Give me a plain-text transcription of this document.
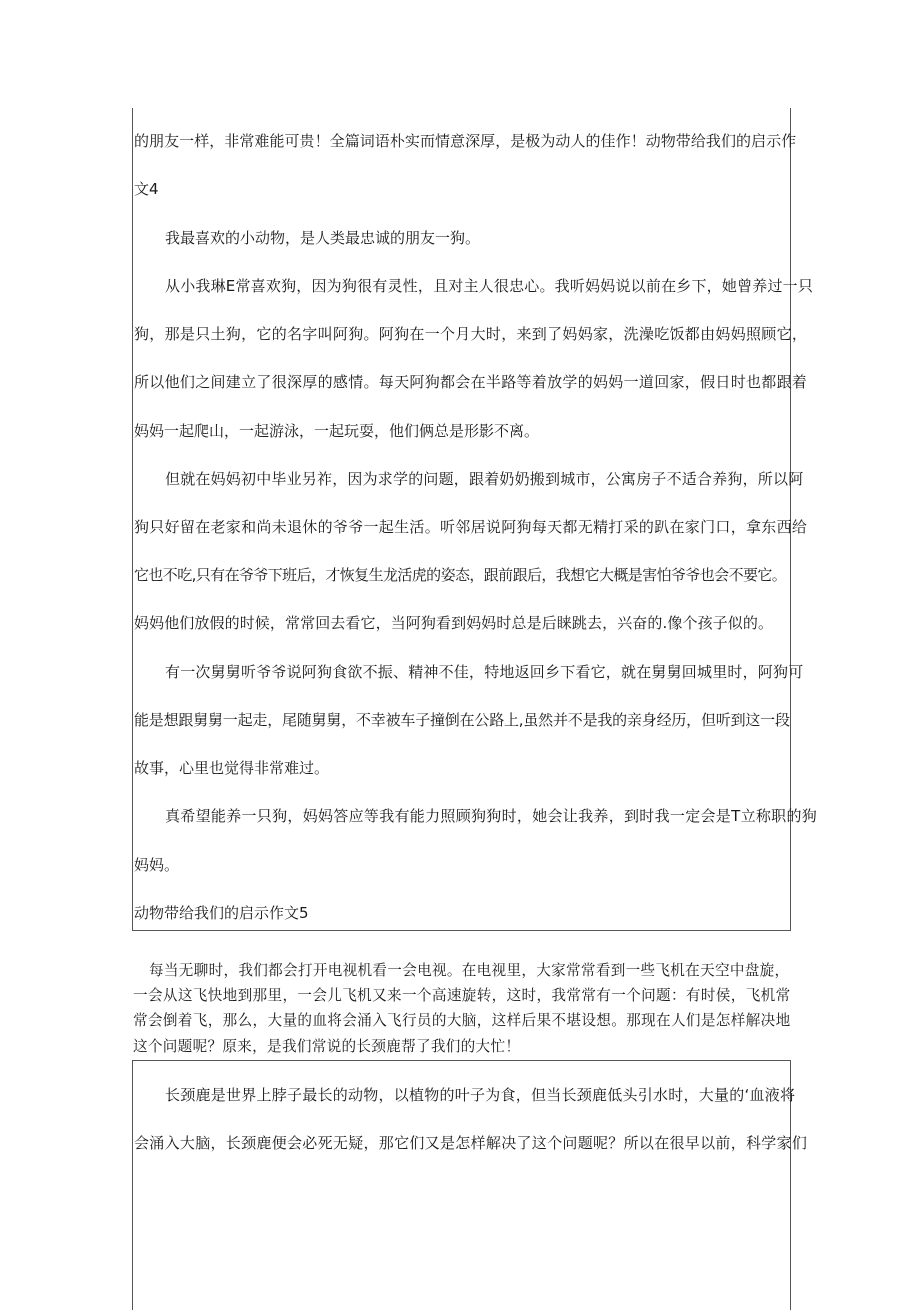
的朋友一样，非常难能可贵！全篇词语朴实而情意深厚，是极为动人的佳作！动物带给我们的启示作
文4
我最喜欢的小动物，是人类最忠诚的朋友一狗。
从小我琳E常喜欢狗，因为狗很有灵性，且对主人很忠心。我听妈妈说以前在乡下，她曾养过一只
狗，那是只土狗，它的名字叫阿狗。阿狗在一个月大时，来到了妈妈家，洗澡吃饭都由妈妈照顾它，
所以他们之间建立了很深厚的感情。每天阿狗都会在半路等着放学的妈妈一道回家，假日时也都跟着
妈妈一起爬山，一起游泳，一起玩耍，他们俩总是形影不离。
但就在妈妈初中毕业另祚，因为求学的问题，跟着奶奶搬到城市，公寓房子不适合养狗，所以阿
狗只好留在老家和尚未退休的爷爷一起生活。听邻居说阿狗每天都无精打采的趴在家门口，拿东西给
它也不吃,只有在爷爷下班后，才恢复生龙活虎的姿态，跟前跟后，我想它大概是害怕爷爷也会不要它。
妈妈他们放假的时候，常常回去看它，当阿狗看到妈妈时总是后睐跳去，兴奋的.像个孩子似的。
有一次舅舅听爷爷说阿狗食欲不振、精神不佳，特地返回乡下看它，就在舅舅回城里时，阿狗可
能是想跟舅舅一起走，尾随舅舅，不幸被车子撞倒在公路上,虽然并不是我的亲身经历，但听到这一段
故事，心里也觉得非常难过。
真希望能养一只狗，妈妈答应等我有能力照顾狗狗时，她会让我养，到时我一定会是T立称职的狗
妈妈。
动物带给我们的启示作文5
每当无聊时，我们都会打开电视机看一会电视。在电视里，大家常常看到一些飞机在天空中盘旋，
一会从这飞快地到那里，一会儿飞机又来一个高速旋转，这时，我常常有一个问题：有时侯，飞机常
常会倒着飞，那么，大量的血将会涌入飞行员的大脑，这样后果不堪设想。那现在人们是怎样解决地
这个问题呢？原来，是我们常说的长颈鹿帮了我们的大忙！
长颈鹿是世界上脖子最长的动物，以植物的叶子为食，但当长颈鹿低头引水时，大量的‘血液将
会涌入大脑，长颈鹿便会必死无疑，那它们又是怎样解决了这个问题呢？所以在很早以前，科学家们
